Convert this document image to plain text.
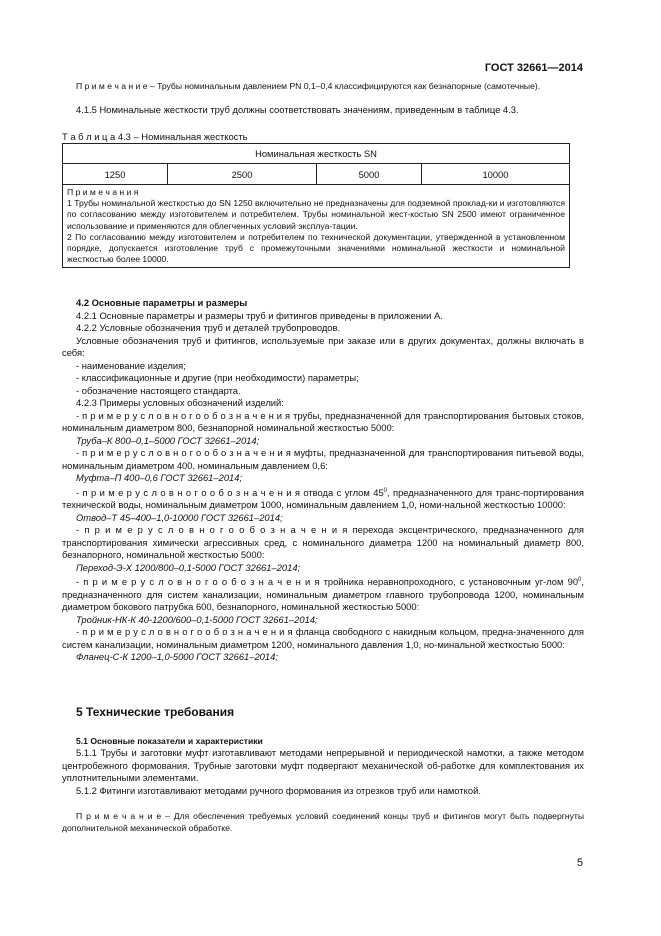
ГОСТ 32661—2014

П р и м е ч а н и е – Трубы номинальным давлением PN 0,1–0,4 классифицируются как безнапорные (самотечные).

4.1.5 Номинальные жесткости труб должны соответствовать значениям, приведенным в таблице 4.3.

Т а б л и ц а 4.3 – Номинальная жесткость

Номинальная жесткость SN
1250	2500	5000	10000

П р и м е ч а н и я
1 Трубы номинальной жесткостью до SN 1250 включительно не предназначены для подземной проклад-ки и изготовляются по согласованию между изготовителем и потребителем. Трубы номинальной жест-костью SN 2500 имеют ограниченное использование и применяются для облегченных условий эксплуа-тации.
2 По согласованию между изготовителем и потребителем по технической документации, утвержденной в установленном порядке, допускается изготовление труб с промежуточными значениями номинальной жесткости и номинальной жесткостью более 10000.

4.2 Основные параметры и размеры

4.2.1 Основные параметры и размеры труб и фитингов приведены в приложении А.

4.2.2 Условные обозначения труб и деталей трубопроводов.

Условные обозначения труб и фитингов, используемые при заказе или в других документах, должны включать в себя:

- наименование изделия;

- классификационные и другие (при необходимости) параметры;

- обозначение настоящего стандарта.

4.2.3 Примеры условных обозначений изделий:

- п р и м е р у с л о в н о г о о б о з н а ч е н и я трубы, предназначенной для транспортирования бытовых стоков, номинальным диаметром 800, безнапорной номинальной жесткостью 5000:

Труба–К 800–0,1–5000 ГОСТ 32661–2014;

- п р и м е р у с л о в н о г о о б о з н а ч е н и я муфты, предназначенной для транспортирования питьевой воды, номинальным диаметром 400, номинальным давлением 0,6:

Муфта–П 400–0,6 ГОСТ 32661–2014;

- п р и м е р у с л о в н о г о о б о з н а ч е н и я отвода с углом $45^0$, предназначенного для транс-портирования технической воды, номинальным диаметром 1000, номинальным давлением 1,0, номи-нальной жесткостью 10000:

Отвод–Т 45–400–1,0-10000 ГОСТ 32661–2014;

- п р и м е р у с л о в н о г о о б о з н а ч е н и я перехода эксцентрического, предназначенного для транспортирования химически агрессивных сред, с номинального диаметра 1200 на номинальный диаметр 800, безнапорного, номинальной жесткостью 5000:

Переход-Э-Х 1200/800–0,1-5000 ГОСТ 32661–2014;

- п р и м е р у с л о в н о г о о б о з н а ч е н и я тройника неравнопроходного, с установочным уг-лом $90^0$, предназначенного для систем канализации, номинальным диаметром главного трубопровода 1200, номинальным диаметром бокового патрубка 600, безнапорного, номинальной жесткостью 5000:

Тройник-НК-К 40-1200/600–0,1-5000 ГОСТ 32661–2014;

- п р и м е р у с л о в н о г о о б о з н а ч е н и я фланца свободного с накидным кольцом, предна-значенного для систем канализации, номинальным диаметром 1200, номинального давления 1,0, но-минальной жесткостью 5000:

Фланец-С-К 1200–1,0-5000 ГОСТ 32661–2014;

5 Технические требования

5.1 Основные показатели и характеристики

5.1.1 Трубы и заготовки муфт изготавливают методами непрерывной и периодической намотки, а также методом центробежного формования. Трубные заготовки муфт подвергают механической об-работке для комплектования их уплотнительными элементами.

5.1.2 Фитинги изготавливают методами ручного формования из отрезков труб или намоткой.

П р и м е ч а н и е – Для обеспечения требуемых условий соединений концы труб и фитингов могут быть подвергнуты дополнительной механической обработке.

5
